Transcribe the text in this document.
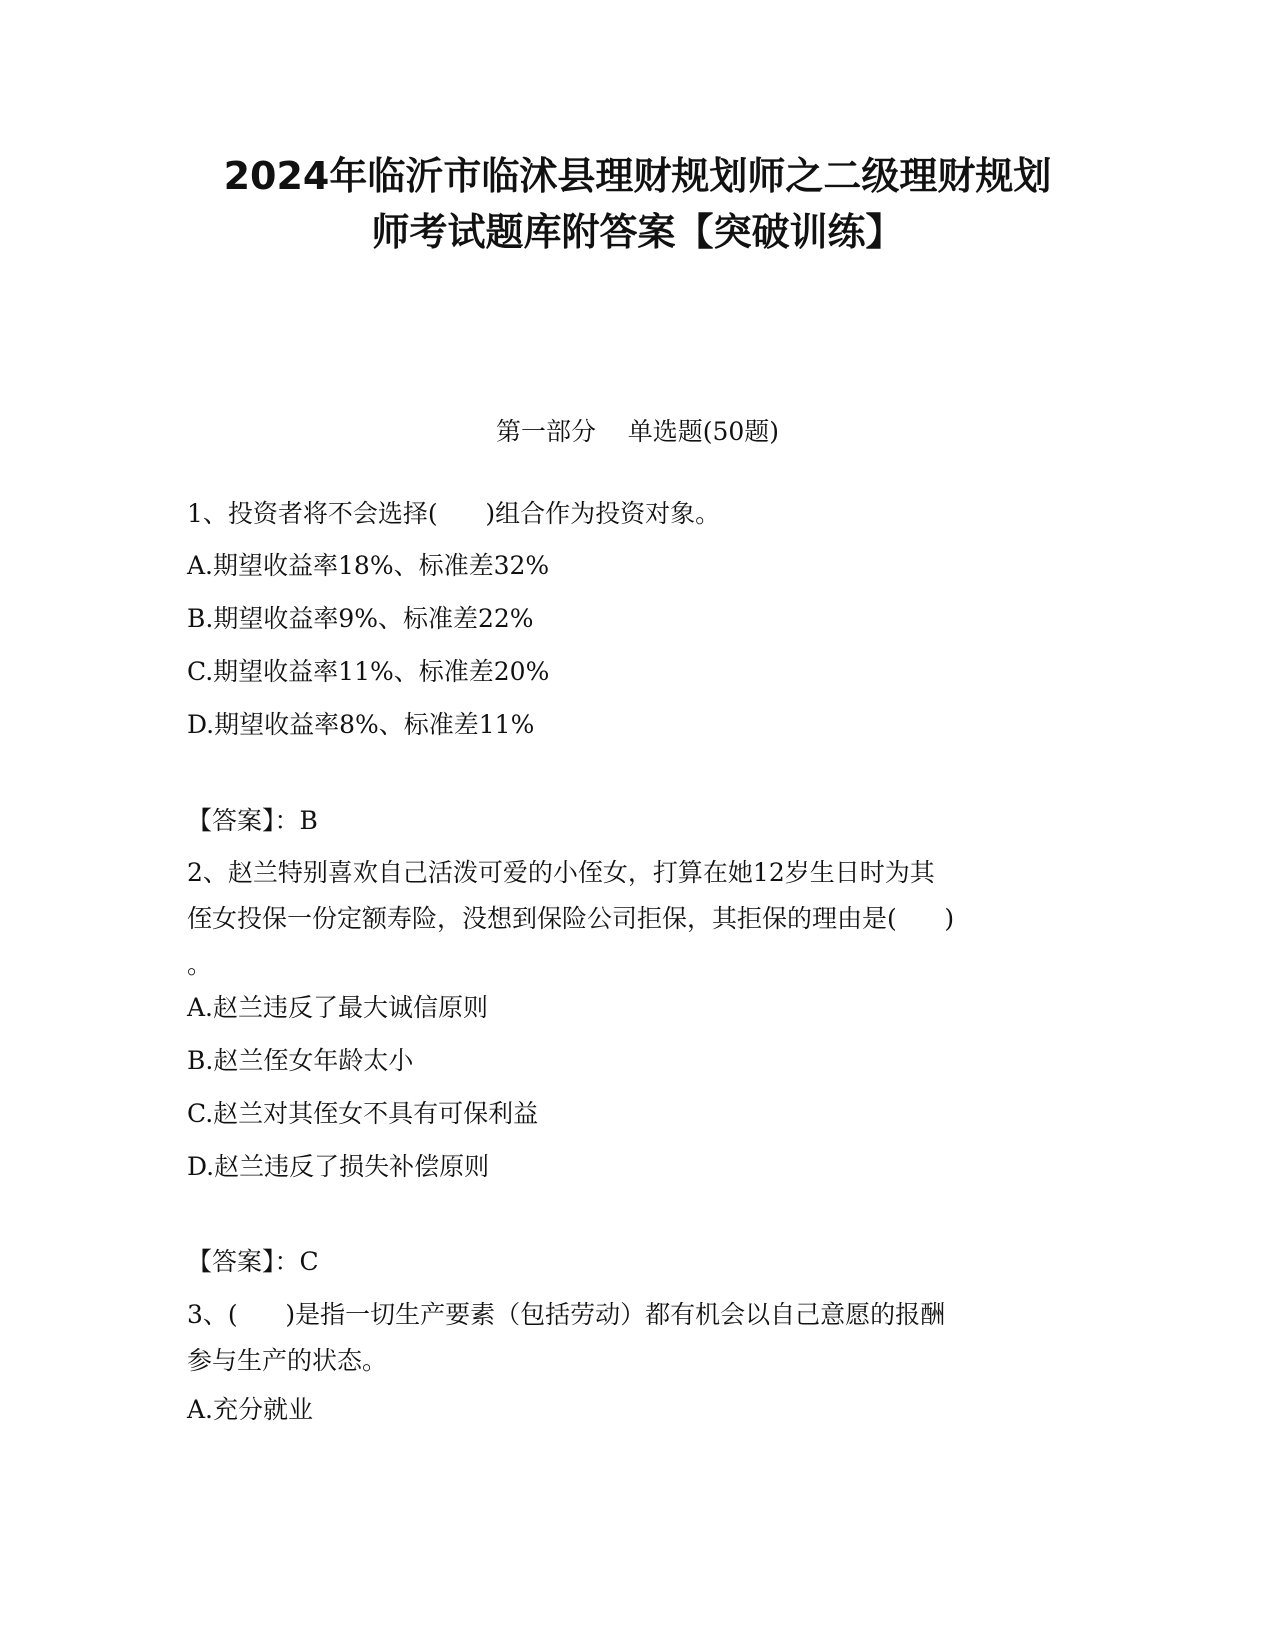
2024年临沂市临沭县理财规划师之二级理财规划
师考试题库附答案【突破训练】

第一部分    单选题(50题)

1、投资者将不会选择(      )组合作为投资对象。

A.期望收益率18%、标准差32%

B.期望收益率9%、标准差22%

C.期望收益率11%、标准差20%

D.期望收益率8%、标准差11%

【答案】：B

2、赵兰特别喜欢自己活泼可爱的小侄女，打算在她12岁生日时为其
侄女投保一份定额寿险，没想到保险公司拒保，其拒保的理由是(      )
。

A.赵兰违反了最大诚信原则

B.赵兰侄女年龄太小

C.赵兰对其侄女不具有可保利益

D.赵兰违反了损失补偿原则

【答案】：C

3、(      )是指一切生产要素（包括劳动）都有机会以自己意愿的报酬
参与生产的状态。

A.充分就业
